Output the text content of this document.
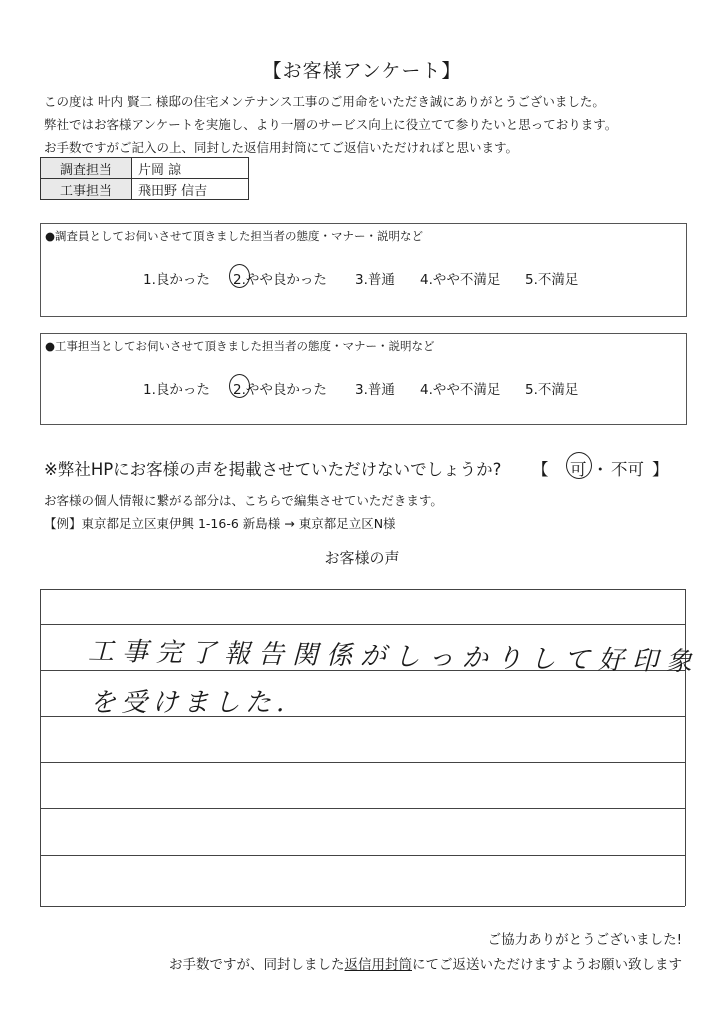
【お客様アンケート】
この度は 叶内 賢二 様邸の住宅メンテナンス工事のご用命をいただき誠にありがとうございました。
弊社ではお客様アンケートを実施し、より一層のサービス向上に役立てて参りたいと思っております。
お手数ですがご記入の上、同封した返信用封筒にてご返信いただければと思います。
調査担当	片岡 諒
工事担当	飛田野 信吉
●調査員としてお伺いさせて頂きました担当者の態度・マナー・説明など
1.良かった 2.やや良かった 3.普通 4.やや不満足 5.不満足
●工事担当としてお伺いさせて頂きました担当者の態度・マナー・説明など
1.良かった 2.やや良かった 3.普通 4.やや不満足 5.不満足
※弊社HPにお客様の声を掲載させていただけないでしょうか? 【 可 ・ 不可 】
お客様の個人情報に繋がる部分は、こちらで編集させていただきます。
【例】東京都足立区東伊興 1-16-6 新島様 → 東京都足立区N様
お客様の声
工事完了報告関係がしっかりして好印象
を受けました.
ご協力ありがとうございました!
お手数ですが、同封しました返信用封筒にてご返送いただけますようお願い致します
